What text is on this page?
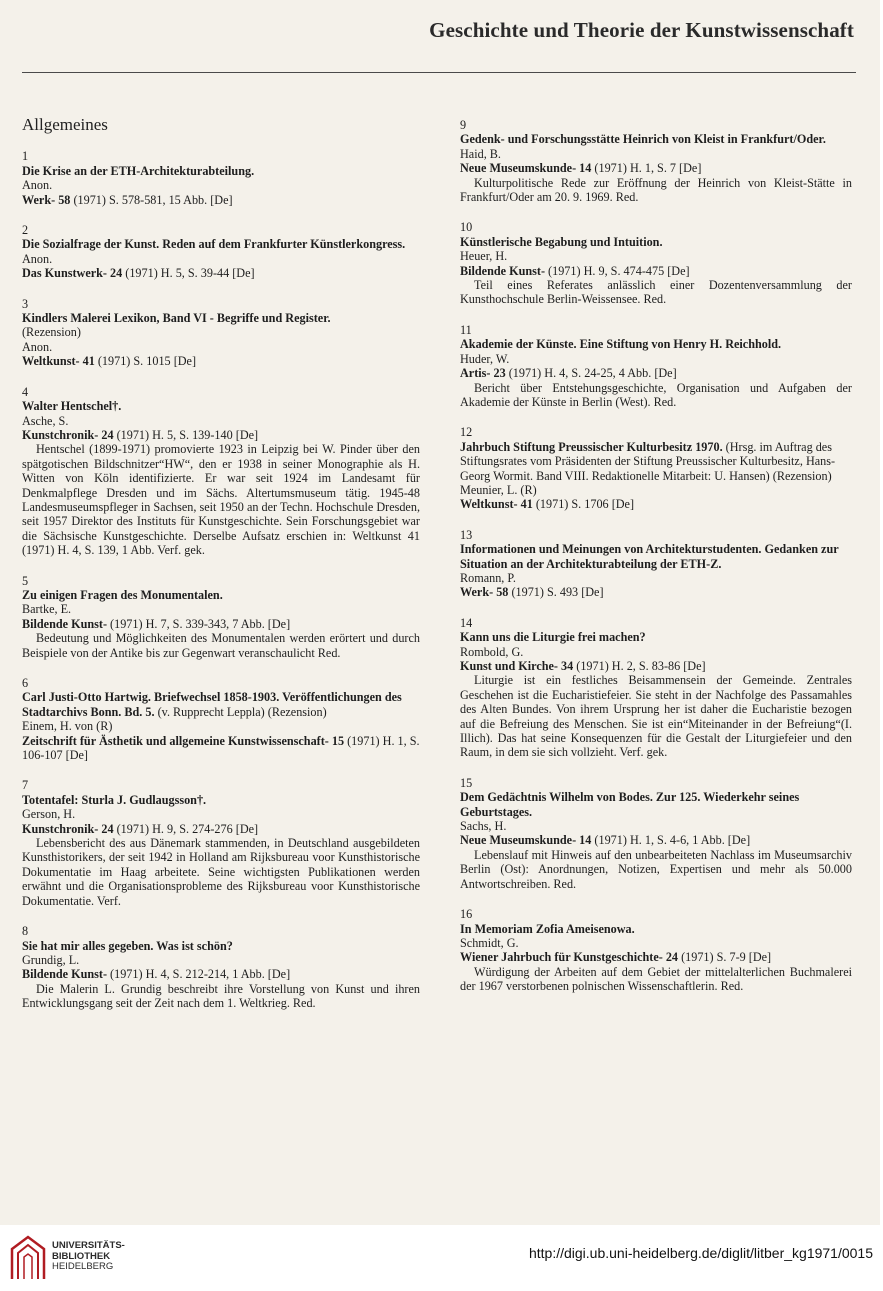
Geschichte und Theorie der Kunstwissenschaft
Allgemeines
1
Die Krise an der ETH-Architekturabteilung.
Anon.
Werk- 58 (1971) S. 578-581, 15 Abb. [De]
2
Die Sozialfrage der Kunst. Reden auf dem Frankfurter Künstlerkongress.
Anon.
Das Kunstwerk- 24 (1971) H. 5, S. 39-44 [De]
3
Kindlers Malerei Lexikon, Band VI - Begriffe und Register.
(Rezension)
Anon.
Weltkunst- 41 (1971) S. 1015 [De]
4
Walter Hentschel†.
Asche, S.
Kunstchronik- 24 (1971) H. 5, S. 139-140 [De]
Hentschel (1899-1971) promovierte 1923 in Leipzig bei W. Pinder über den spätgotischen Bildschnitzer“HW“, den er 1938 in seiner Monographie als H. Witten von Köln identifizierte. Er war seit 1924 im Landesamt für Denkmalpflege Dresden und im Sächs. Altertumsmuseum tätig. 1945-48 Landesmuseumspfleger in Sachsen, seit 1950 an der Techn. Hochschule Dresden, seit 1957 Direktor des Instituts für Kunstgeschichte. Sein Forschungsgebiet war die Sächsische Kunstgeschichte. Derselbe Aufsatz erschien in: Weltkunst 41 (1971) H. 4, S. 139, 1 Abb. Verf. gek.
5
Zu einigen Fragen des Monumentalen.
Bartke, E.
Bildende Kunst- (1971) H. 7, S. 339-343, 7 Abb. [De]
Bedeutung und Möglichkeiten des Monumentalen werden erörtert und durch Beispiele von der Antike bis zur Gegenwart veranschaulicht Red.
6
Carl Justi-Otto Hartwig. Briefwechsel 1858-1903. Veröffentlichungen des Stadtarchivs Bonn. Bd. 5. (v. Rupprecht Leppla) (Rezension)
Einem, H. von (R)
Zeitschrift für Ästhetik und allgemeine Kunstwissenschaft- 15 (1971) H. 1, S. 106-107 [De]
7
Totentafel: Sturla J. Gudlaugsson†.
Gerson, H.
Kunstchronik- 24 (1971) H. 9, S. 274-276 [De]
Lebensbericht des aus Dänemark stammenden, in Deutschland ausgebildeten Kunsthistorikers, der seit 1942 in Holland am Rijksbureau voor Kunsthistorische Dokumentatie im Haag arbeitete. Seine wichtigsten Publikationen werden erwähnt und die Organisationsprobleme des Rijksbureau voor Kunsthistorische Dokumentatie. Verf.
8
Sie hat mir alles gegeben. Was ist schön?
Grundig, L.
Bildende Kunst- (1971) H. 4, S. 212-214, 1 Abb. [De]
Die Malerin L. Grundig beschreibt ihre Vorstellung von Kunst und ihren Entwicklungsgang seit der Zeit nach dem 1. Weltkrieg. Red.
9
Gedenk- und Forschungsstätte Heinrich von Kleist in Frankfurt/Oder.
Haid, B.
Neue Museumskunde- 14 (1971) H. 1, S. 7 [De]
Kulturpolitische Rede zur Eröffnung der Heinrich von Kleist-Stätte in Frankfurt/Oder am 20. 9. 1969. Red.
10
Künstlerische Begabung und Intuition.
Heuer, H.
Bildende Kunst- (1971) H. 9, S. 474-475 [De]
Teil eines Referates anlässlich einer Dozentenversammlung der Kunsthochschule Berlin-Weissensee. Red.
11
Akademie der Künste. Eine Stiftung von Henry H. Reichhold.
Huder, W.
Artis- 23 (1971) H. 4, S. 24-25, 4 Abb. [De]
Bericht über Entstehungsgeschichte, Organisation und Aufgaben der Akademie der Künste in Berlin (West). Red.
12
Jahrbuch Stiftung Preussischer Kulturbesitz 1970. (Hrsg. im Auftrag des Stiftungsrates vom Präsidenten der Stiftung Preussischer Kulturbesitz, Hans-Georg Wormit. Band VIII. Redaktionelle Mitarbeit: U. Hansen) (Rezension)
Meunier, L. (R)
Weltkunst- 41 (1971) S. 1706 [De]
13
Informationen und Meinungen von Architekturstudenten. Gedanken zur Situation an der Architekturabteilung der ETH-Z.
Romann, P.
Werk- 58 (1971) S. 493 [De]
14
Kann uns die Liturgie frei machen?
Rombold, G.
Kunst und Kirche- 34 (1971) H. 2, S. 83-86 [De]
Liturgie ist ein festliches Beisammensein der Gemeinde. Zentrales Geschehen ist die Eucharistiefeier. Sie steht in der Nachfolge des Passamahles des Alten Bundes. Von ihrem Ursprung her ist daher die Eucharistie bezogen auf die Befreiung des Menschen. Sie ist ein“Miteinander in der Befreiung“(I. Illich). Das hat seine Konsequenzen für die Gestalt der Liturgiefeier und den Raum, in dem sie sich vollzieht. Verf. gek.
15
Dem Gedächtnis Wilhelm von Bodes. Zur 125. Wiederkehr seines Geburtstages.
Sachs, H.
Neue Museumskunde- 14 (1971) H. 1, S. 4-6, 1 Abb. [De]
Lebenslauf mit Hinweis auf den unbearbeiteten Nachlass im Museumsarchiv Berlin (Ost): Anordnungen, Notizen, Expertisen und mehr als 50.000 Antwortschreiben. Red.
16
In Memoriam Zofia Ameisenowa.
Schmidt, G.
Wiener Jahrbuch für Kunstgeschichte- 24 (1971) S. 7-9 [De]
Würdigung der Arbeiten auf dem Gebiet der mittelalterlichen Buchmalerei der 1967 verstorbenen polnischen Wissenschaftlerin. Red.
UNIVERSITÄTS-
BIBLIOTHEK
HEIDELBERG
http://digi.ub.uni-heidelberg.de/diglit/litber_kg1971/0015
